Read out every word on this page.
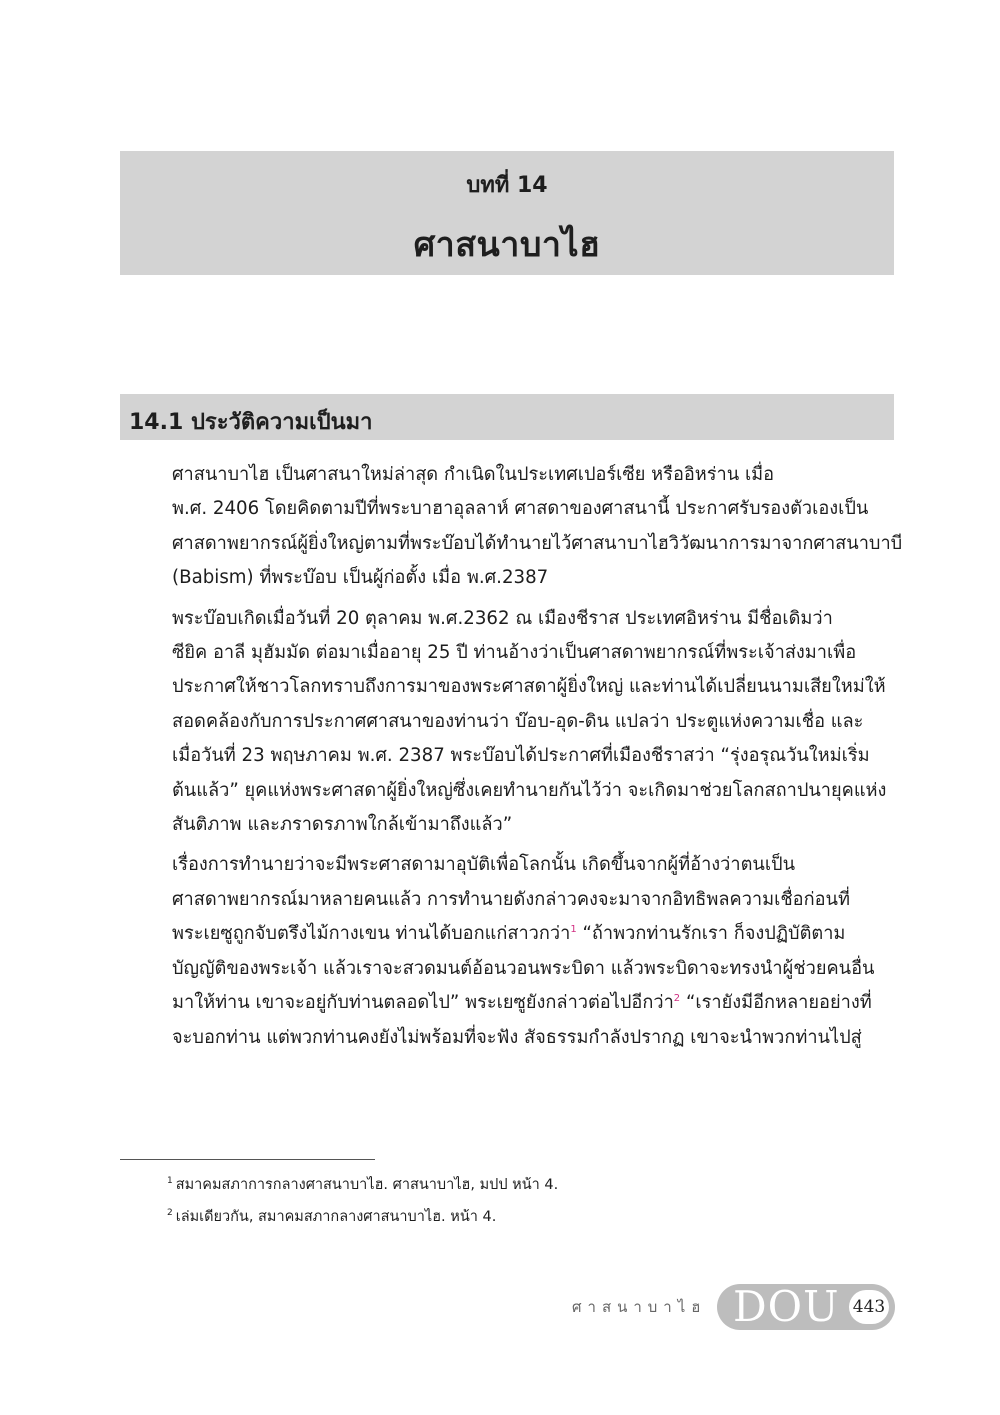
บทที่ 14
ศาสนาบาไฮ
14.1 ประวัติความเป็นมา

ศาสนาบาไฮ เป็นศาสนาใหม่ล่าสุด กำเนิดในประเทศเปอร์เซีย หรืออิหร่าน เมื่อ
พ.ศ. 2406 โดยคิดตามปีที่พระบาฮาอุลลาห์ ศาสดาของศาสนานี้ ประกาศรับรองตัวเองเป็น
ศาสดาพยากรณ์ผู้ยิ่งใหญ่ตามที่พระบ๊อบได้ทำนายไว้ศาสนาบาไฮวิวัฒนาการมาจากศาสนาบาบี
(Babism) ที่พระบ๊อบ เป็นผู้ก่อตั้ง เมื่อ พ.ศ.2387

พระบ๊อบเกิดเมื่อวันที่ 20 ตุลาคม พ.ศ.2362 ณ เมืองชีราส ประเทศอิหร่าน มีชื่อเดิมว่า
ซียิค อาลี มุฮัมมัด ต่อมาเมื่ออายุ 25 ปี ท่านอ้างว่าเป็นศาสดาพยากรณ์ที่พระเจ้าส่งมาเพื่อ
ประกาศให้ชาวโลกทราบถึงการมาของพระศาสดาผู้ยิ่งใหญ่ และท่านได้เปลี่ยนนามเสียใหม่ให้
สอดคล้องกับการประกาศศาสนาของท่านว่า บ๊อบ-อุด-ดิน แปลว่า ประตูแห่งความเชื่อ และ
เมื่อวันที่ 23 พฤษภาคม พ.ศ. 2387 พระบ๊อบได้ประกาศที่เมืองชีราสว่า “รุ่งอรุณวันใหม่เริ่ม
ต้นแล้ว” ยุคแห่งพระศาสดาผู้ยิ่งใหญ่ซึ่งเคยทำนายกันไว้ว่า จะเกิดมาช่วยโลกสถาปนายุคแห่ง
สันติภาพ และภราดรภาพใกล้เข้ามาถึงแล้ว”

เรื่องการทำนายว่าจะมีพระศาสดามาอุบัติเพื่อโลกนั้น เกิดขึ้นจากผู้ที่อ้างว่าตนเป็น
ศาสดาพยากรณ์มาหลายคนแล้ว การทำนายดังกล่าวคงจะมาจากอิทธิพลความเชื่อก่อนที่
พระเยซูถูกจับตรึงไม้กางเขน ท่านได้บอกแก่สาวกว่า$^1$ “ถ้าพวกท่านรักเรา ก็จงปฏิบัติตาม
บัญญัติของพระเจ้า แล้วเราจะสวดมนต์อ้อนวอนพระบิดา แล้วพระบิดาจะทรงนำผู้ช่วยคนอื่น
มาให้ท่าน เขาจะอยู่กับท่านตลอดไป” พระเยซูยังกล่าวต่อไปอีกว่า$^2$ “เรายังมีอีกหลายอย่างที่
จะบอกท่าน แต่พวกท่านคงยังไม่พร้อมที่จะฟัง สัจธรรมกำลังปรากฏ เขาจะนำพวกท่านไปสู่

$^1$ สมาคมสภาการกลางศาสนาบาไฮ. ศาสนาบาไฮ, มปป หน้า 4.
$^2$ เล่มเดียวกัน, สมาคมสภากลางศาสนาบาไฮ. หน้า 4.
ศาสนาบาไฮ DOU 443
